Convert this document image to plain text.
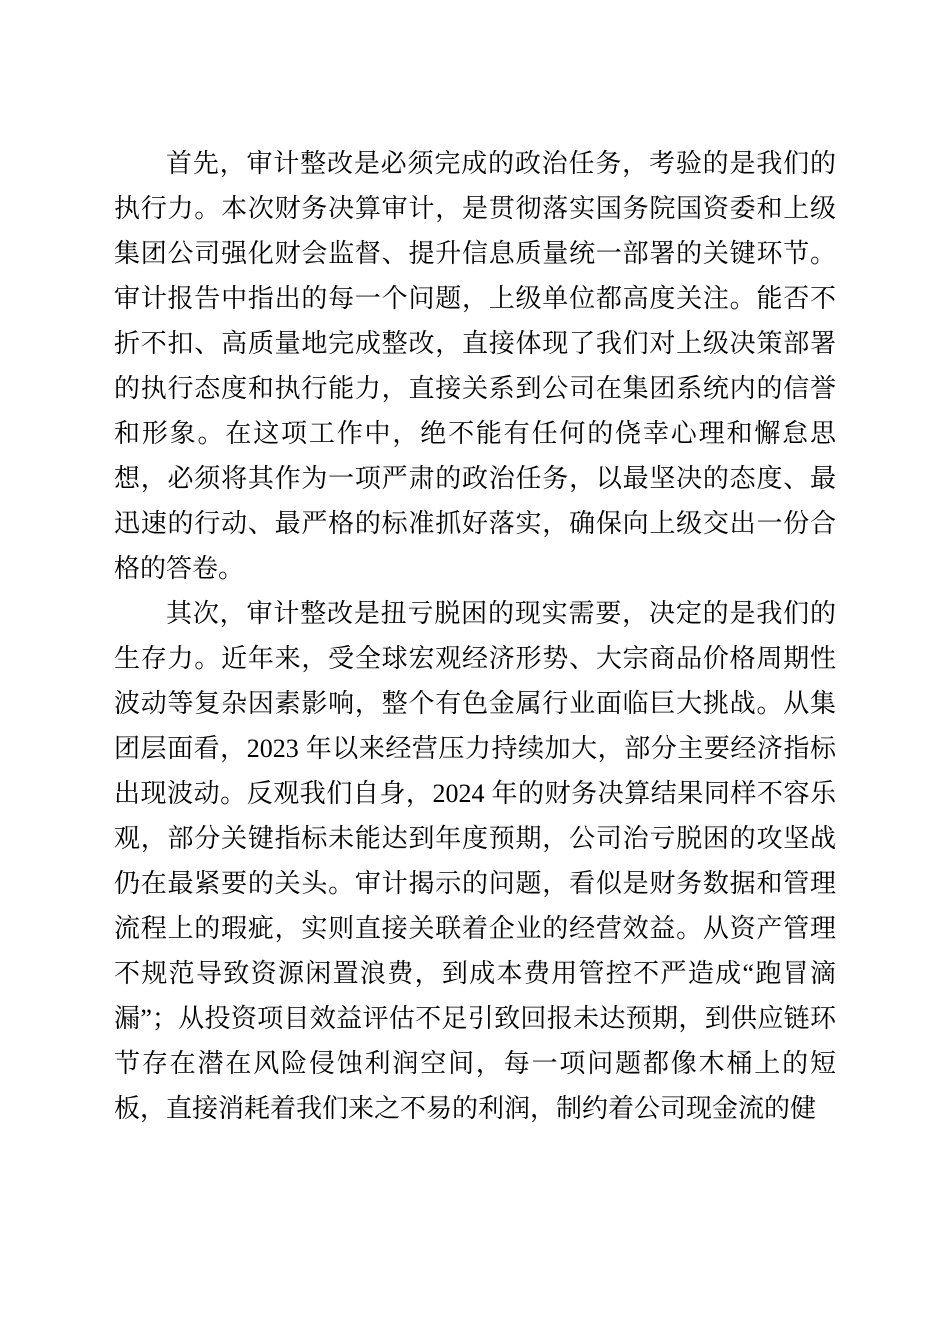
首先，审计整改是必须完成的政治任务，考验的是我们的执行力。本次财务决算审计，是贯彻落实国务院国资委和上级集团公司强化财会监督、提升信息质量统一部署的关键环节。审计报告中指出的每一个问题，上级单位都高度关注。能否不折不扣、高质量地完成整改，直接体现了我们对上级决策部署的执行态度和执行能力，直接关系到公司在集团系统内的信誉和形象。在这项工作中，绝不能有任何的侥幸心理和懈怠思想，必须将其作为一项严肃的政治任务，以最坚决的态度、最迅速的行动、最严格的标准抓好落实，确保向上级交出一份合格的答卷。

其次，审计整改是扭亏脱困的现实需要，决定的是我们的生存力。近年来，受全球宏观经济形势、大宗商品价格周期性波动等复杂因素影响，整个有色金属行业面临巨大挑战。从集团层面看，2023 年以来经营压力持续加大，部分主要经济指标出现波动。反观我们自身，2024 年的财务决算结果同样不容乐观，部分关键指标未能达到年度预期，公司治亏脱困的攻坚战仍在最紧要的关头。审计揭示的问题，看似是财务数据和管理流程上的瑕疵，实则直接关联着企业的经营效益。从资产管理不规范导致资源闲置浪费，到成本费用管控不严造成“跑冒滴漏”；从投资项目效益评估不足引致回报未达预期，到供应链环节存在潜在风险侵蚀利润空间，每一项问题都像木桶上的短板，直接消耗着我们来之不易的利润，制约着公司现金流的健
